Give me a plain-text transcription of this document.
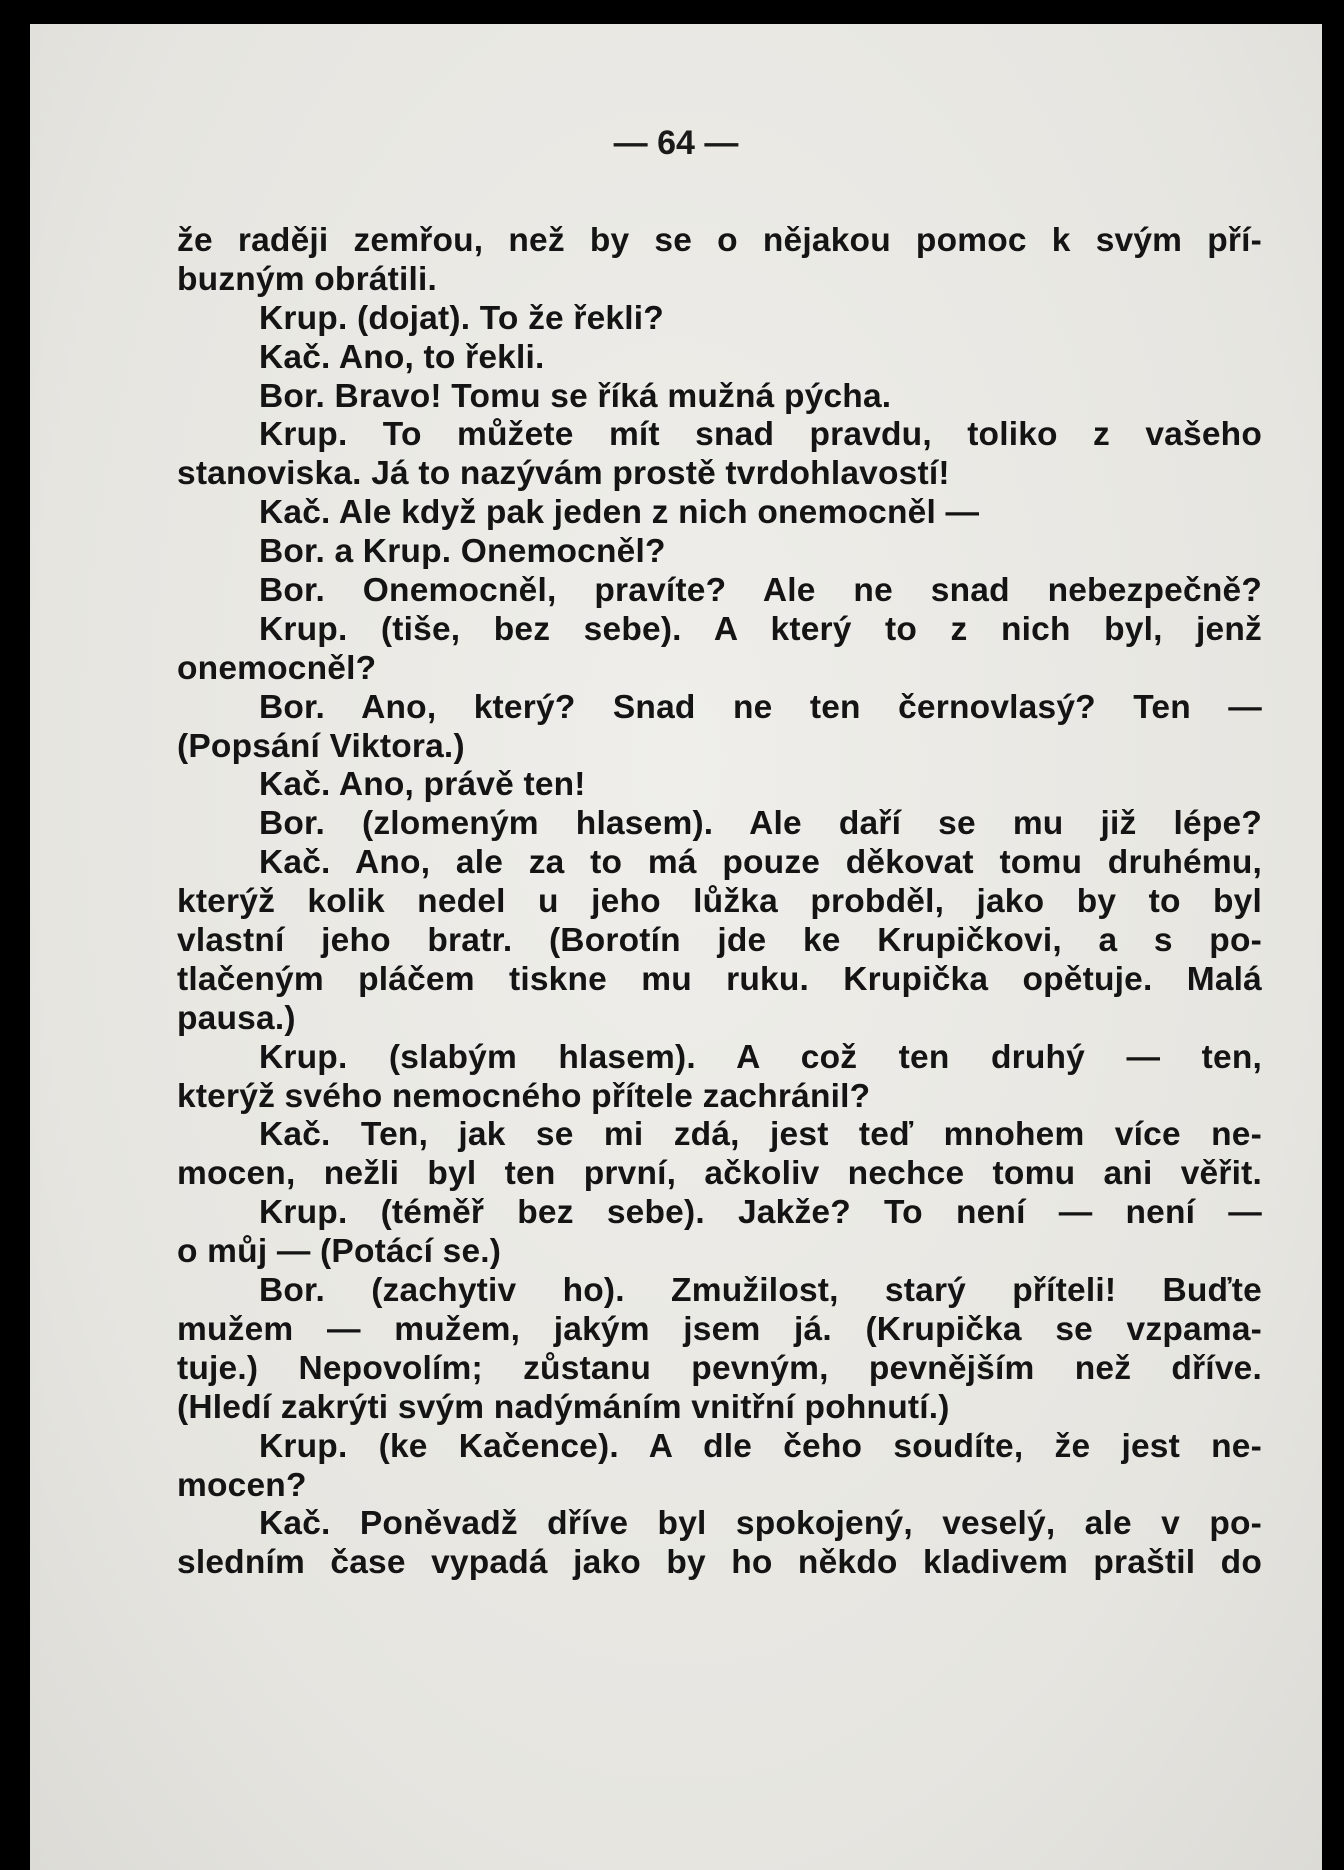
— 64 —
že raději zemřou, než by se o nějakou pomoc k svým pří-
buzným obrátili.
Krup. (dojat). To že řekli?
Kač. Ano, to řekli.
Bor. Bravo! Tomu se říká mužná pýcha.
Krup. To můžete mít snad pravdu, toliko z vašeho
stanoviska. Já to nazývám prostě tvrdohlavostí!
Kač. Ale když pak jeden z nich onemocněl —
Bor. a Krup. Onemocněl?
Bor. Onemocněl, pravíte? Ale ne snad nebezpečně?
Krup. (tiše, bez sebe). A který to z nich byl, jenž
onemocněl?
Bor. Ano, který? Snad ne ten černovlasý? Ten —
(Popsání Viktora.)
Kač. Ano, právě ten!
Bor. (zlomeným hlasem). Ale daří se mu již lépe?
Kač. Ano, ale za to má pouze děkovat tomu druhému,
kterýž kolik nedel u jeho lůžka probděl, jako by to byl
vlastní jeho bratr. (Borotín jde ke Krupičkovi, a s po-
tlačeným pláčem tiskne mu ruku. Krupička opětuje. Malá
pausa.)
Krup. (slabým hlasem). A což ten druhý — ten,
kterýž svého nemocného přítele zachránil?
Kač. Ten, jak se mi zdá, jest teď mnohem více ne-
mocen, nežli byl ten první, ačkoliv nechce tomu ani věřit.
Krup. (téměř bez sebe). Jakže? To není — není —
o můj — (Potácí se.)
Bor. (zachytiv ho). Zmužilost, starý příteli! Buďte
mužem — mužem, jakým jsem já. (Krupička se vzpama-
tuje.) Nepovolím; zůstanu pevným, pevnějším než dříve.
(Hledí zakrýti svým nadýmáním vnitřní pohnutí.)
Krup. (ke Kačence). A dle čeho soudíte, že jest ne-
mocen?
Kač. Poněvadž dříve byl spokojený, veselý, ale v po-
sledním čase vypadá jako by ho někdo kladivem praštil do
